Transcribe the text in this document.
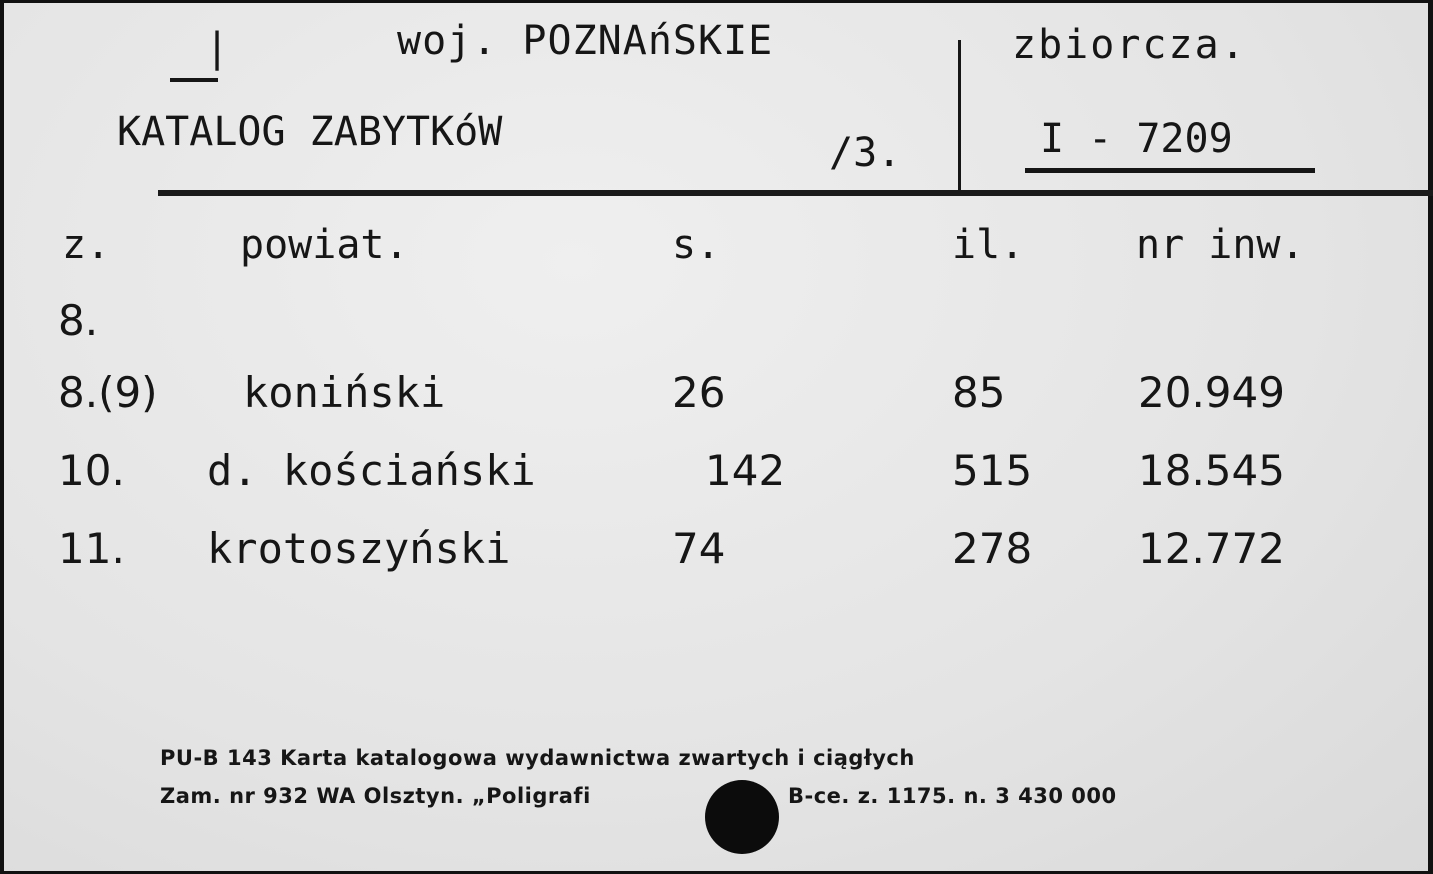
|	woj. POZNAńSKIE
KATALOG ZABYTKóW	/3.
zbiorcza.
I - 7209
z.	powiat.	s.	il.	nr inw.
8.
8.(9) koniński	26	85	20.949
10. d. kościański	142	515	18.545
11. krotoszyński	74	278	12.772
PU-B 143 Karta katalogowa wydawnictwa zwartych i ciągłych
Zam. nr 932 WA Olsztyn. „Poligrafi	B-ce. z. 1175. n. 3 430 000
